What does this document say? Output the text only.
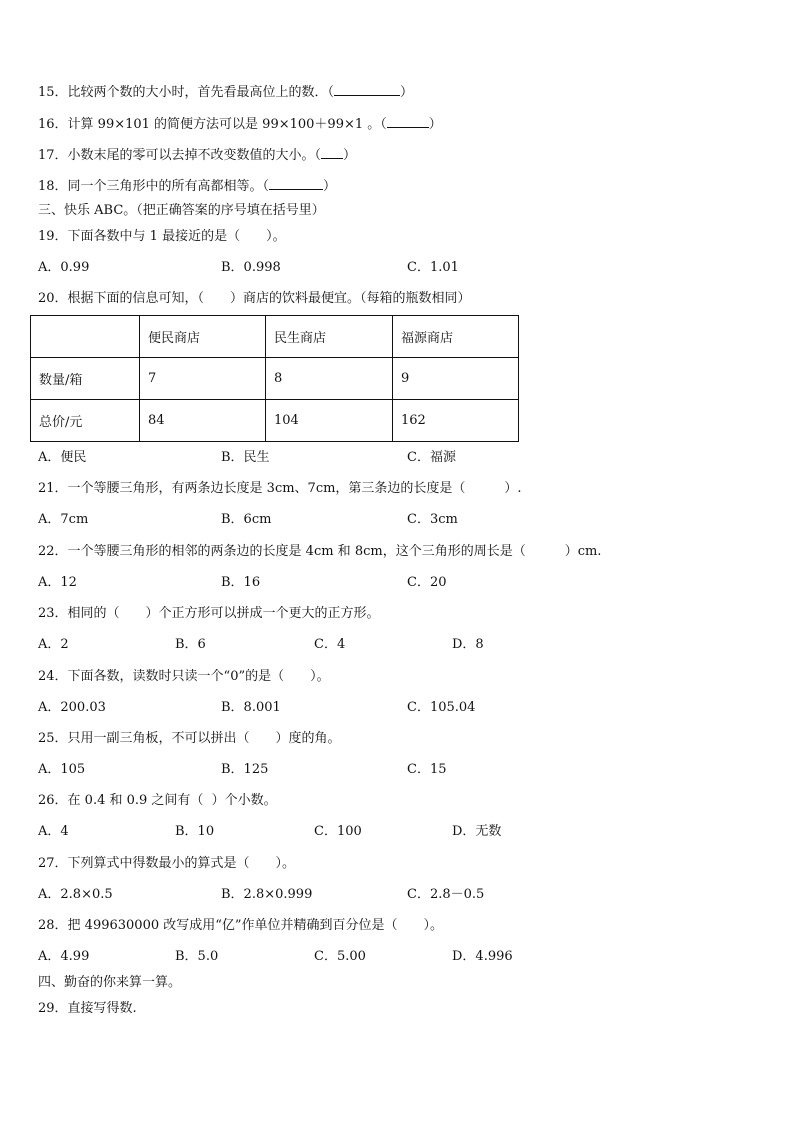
15．比较两个数的大小时，首先看最高位上的数．（	）
16．计算 99×101 的简便方法可以是 99×100＋99×1 。（	）
17．小数末尾的零可以去掉不改变数值的大小。（ ）
18．同一个三角形中的所有高都相等。（	）
三、快乐 ABC。（把正确答案的序号填在括号里）
19．下面各数中与 1 最接近的是（　　）。
A．0.99	B．0.998	C．1.01
20．根据下面的信息可知，（　　）商店的饮料最便宜。（每箱的瓶数相同）
	便民商店	民生商店	福源商店
数量/箱	7	8	9
总价/元	84	104	162
A．便民	B．民生	C．福源
21．一个等腰三角形，有两条边长度是 3cm、7cm，第三条边的长度是（　　　）.
A．7cm	B．6cm	C．3cm
22．一个等腰三角形的相邻的两条边的长度是 4cm 和 8cm，这个三角形的周长是（　　　）cm.
A．12	B．16	C．20
23．相同的（　　）个正方形可以拼成一个更大的正方形。
A．2	B．6	C．4	D．8
24．下面各数，读数时只读一个“0”的是（　　）。
A．200.03	B．8.001	C．105.04
25．只用一副三角板，不可以拼出（　　）度的角。
A．105	B．125	C．15
26．在 0.4 和 0.9 之间有（  ）个小数。
A．4	B．10	C．100	D．无数
27．下列算式中得数最小的算式是（　　）。
A．2.8×0.5	B．2.8×0.999	C．2.8－0.5
28．把 499630000 改写成用“亿”作单位并精确到百分位是（　　）。
A．4.99	B．5.0	C．5.00	D．4.996
四、勤奋的你来算一算。
29．直接写得数.
